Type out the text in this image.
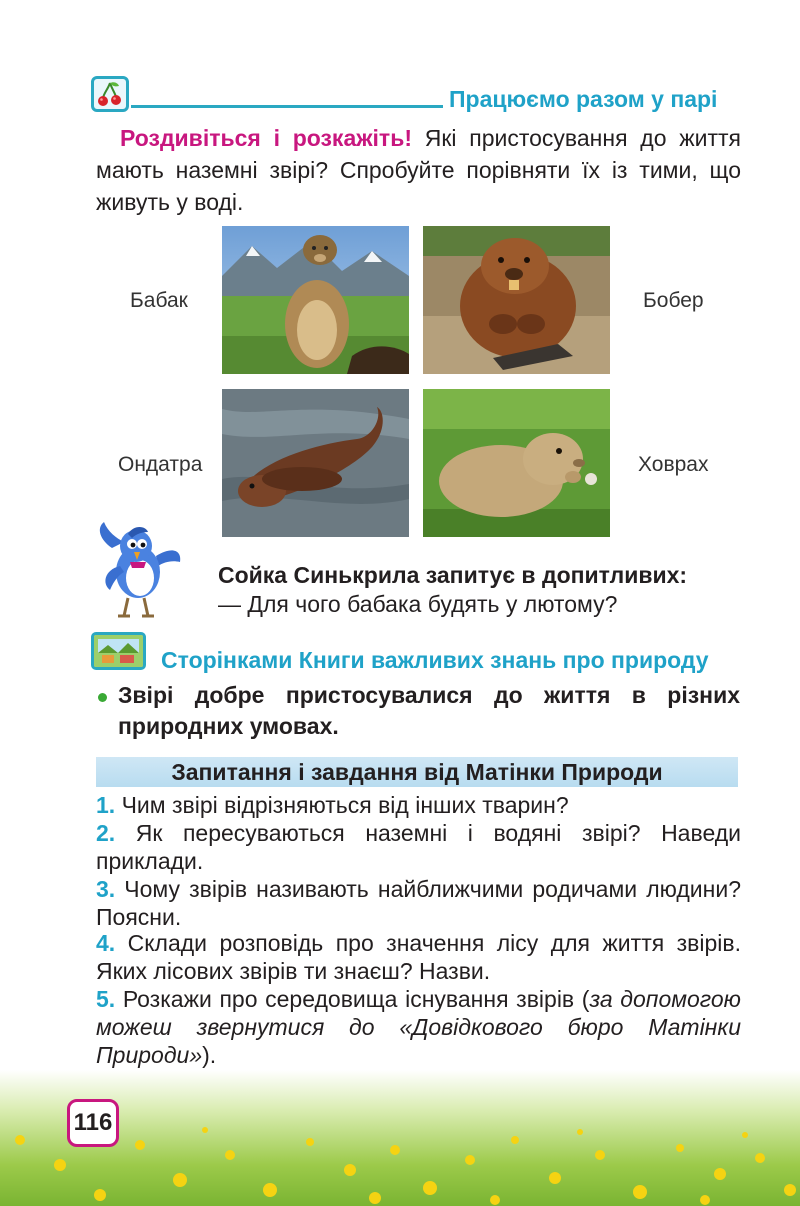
Працюємо разом у парі

Роздивіться і розкажіть! Які пристосування до життя мають наземні звірі? Спробуйте порівняти їх із тими, що живуть у воді.

Бабак	Бобер
Ондатра	Ховрах
Сойка Синькрила запитує в допитливих:
— Для чого бабака будять у лютому?
Сторінками Книги важливих знань про природу
Звірі добре пристосувалися до життя в різних природних умовах.
Запитання і завдання від Матінки Природи
1. Чим звірі відрізняються від інших тварин?
2. Як пересуваються наземні і водяні звірі? Наведи приклади.
3. Чому звірів називають найближчими родичами людини? Поясни.
4. Склади розповідь про значення лісу для життя звірів. Яких лісових звірів ти знаєш? Назви.
5. Розкажи про середовища існування звірів (за допомогою можеш звернутися до «Довідкового бюро Матінки Природи»).
116
